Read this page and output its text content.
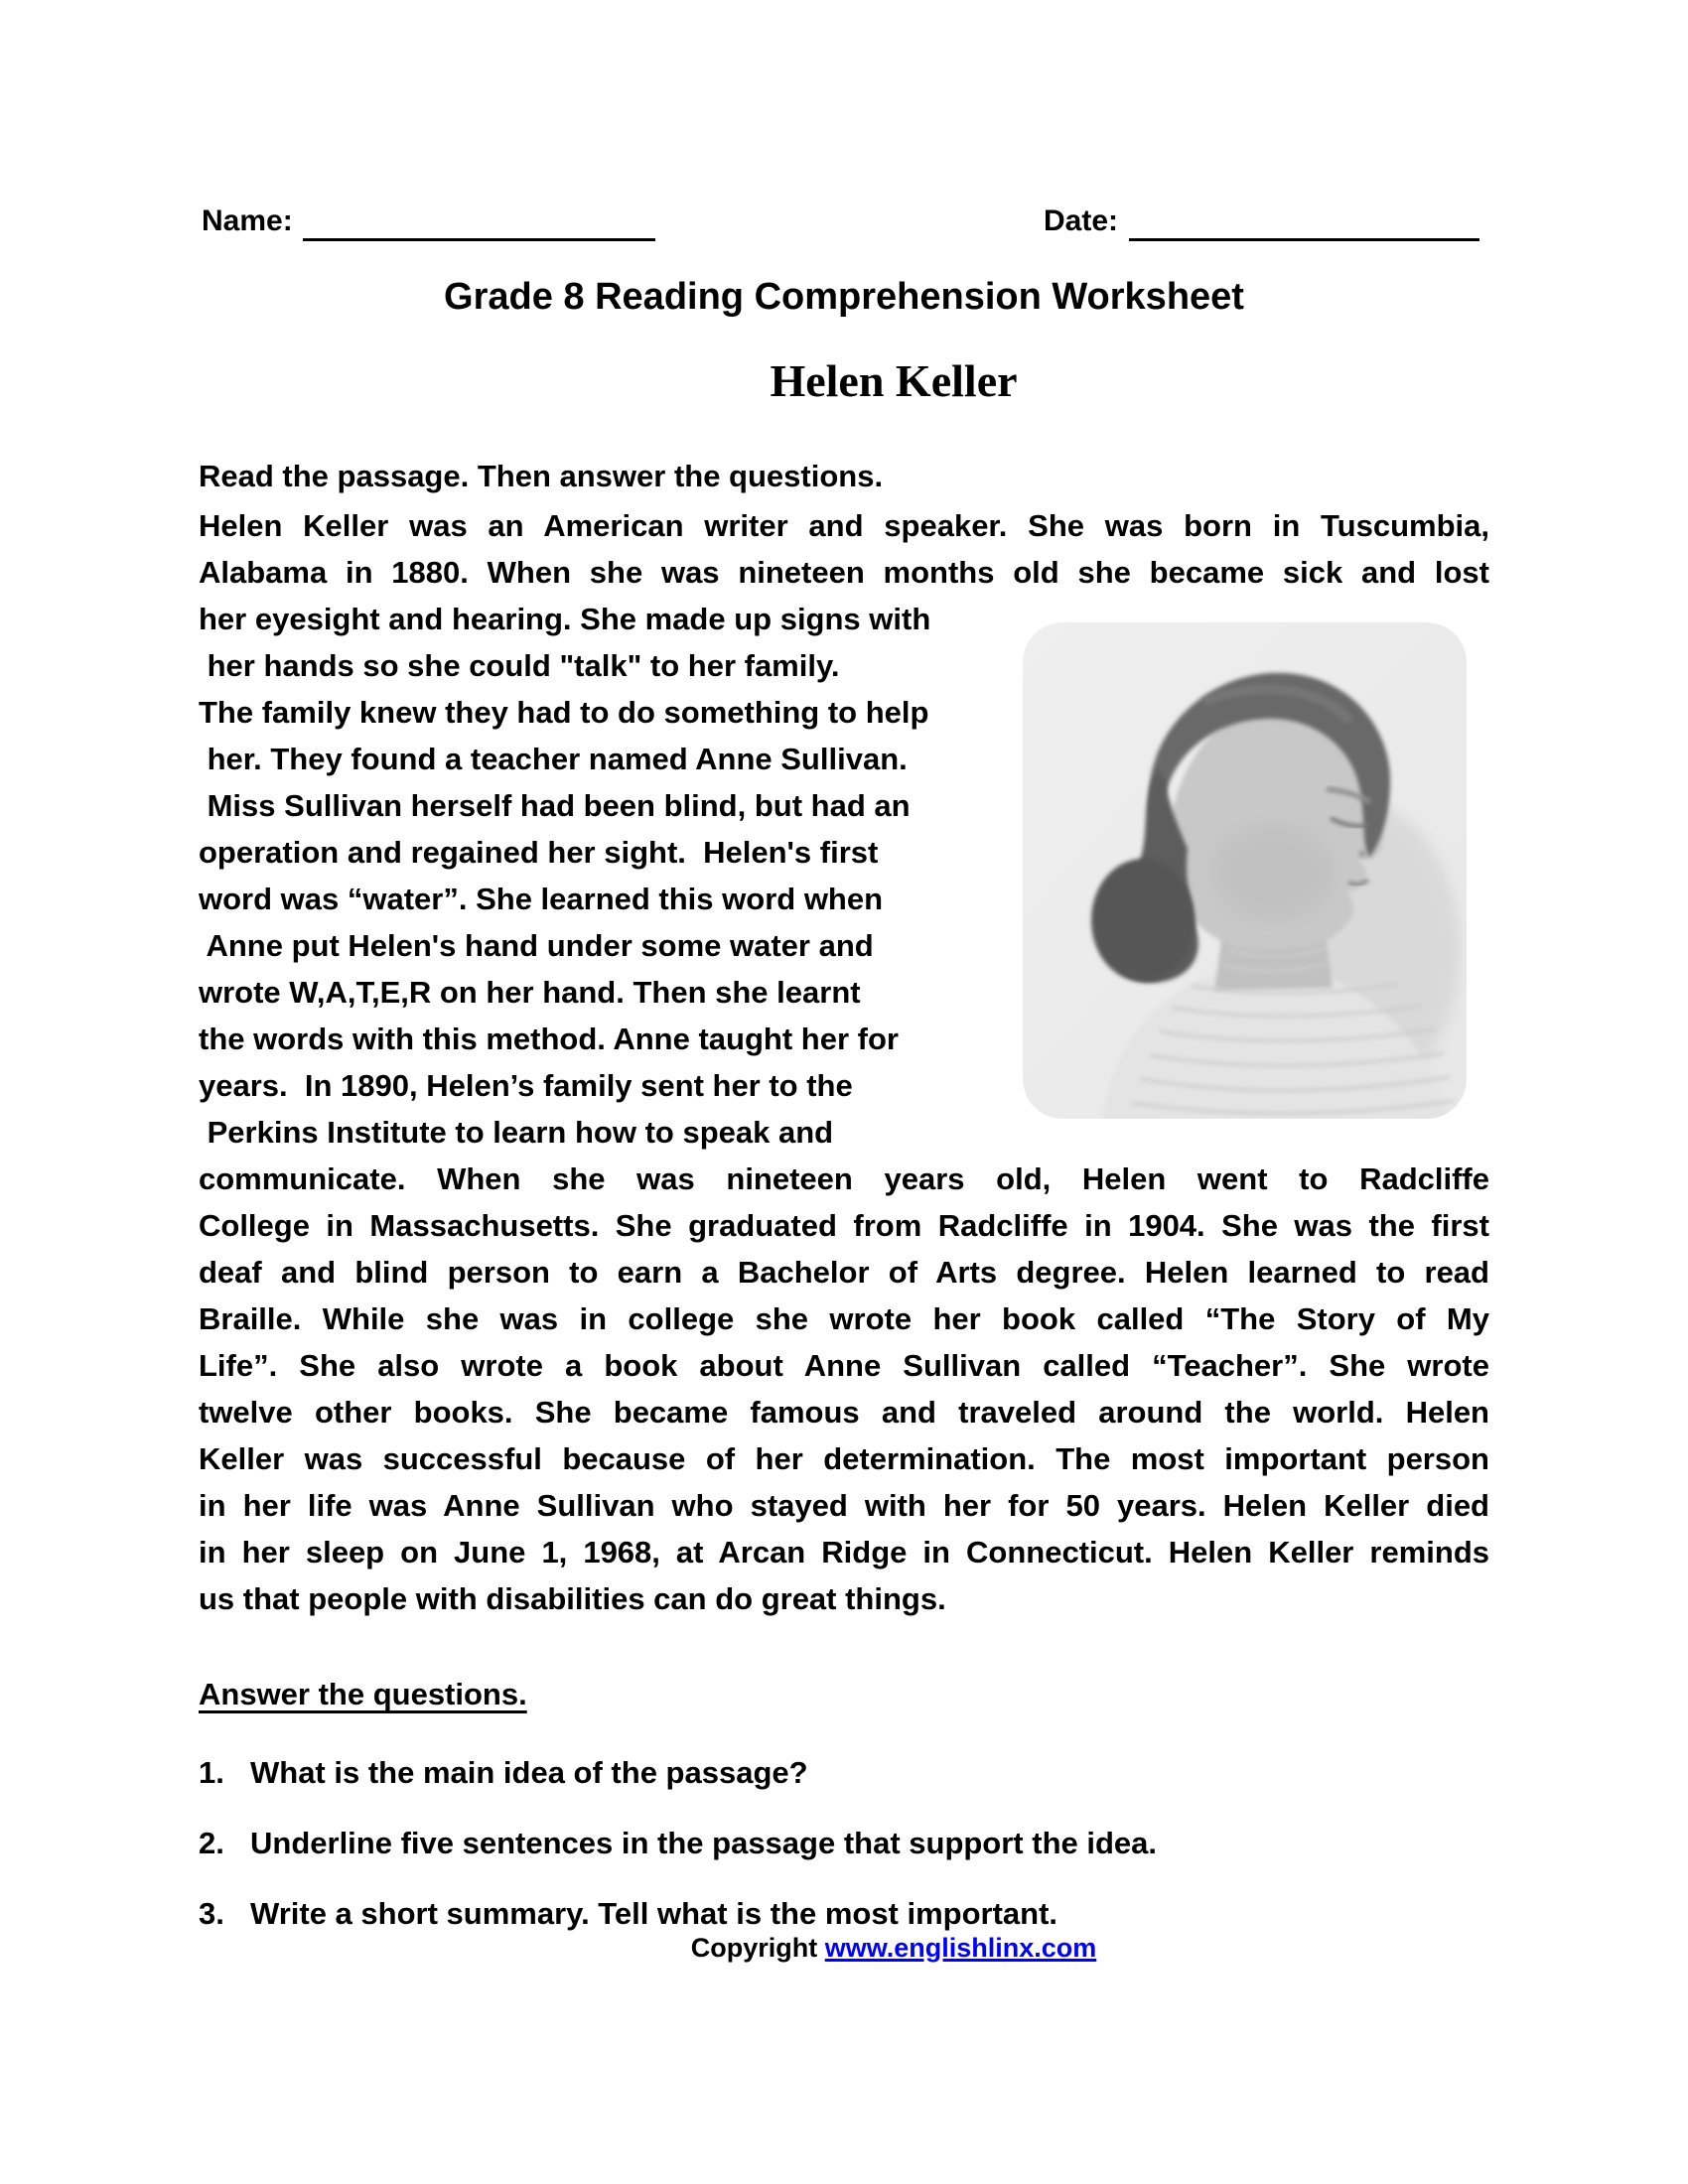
Name:	Date:
Grade 8 Reading Comprehension Worksheet
Helen Keller
Read the passage. Then answer the questions.
Helen Keller was an American writer and speaker. She was born in Tuscumbia,
Alabama in 1880. When she was nineteen months old she became sick and lost
her eyesight and hearing. She made up signs with
her hands so she could "talk" to her family.
The family knew they had to do something to help
her. They found a teacher named Anne Sullivan.
Miss Sullivan herself had been blind, but had an
operation and regained her sight.  Helen's first
word was “water”. She learned this word when
Anne put Helen's hand under some water and
wrote W,A,T,E,R on her hand. Then she learnt
the words with this method. Anne taught her for
years.  In 1890, Helen’s family sent her to the
Perkins Institute to learn how to speak and
communicate. When she was nineteen years old, Helen went to Radcliffe
College in Massachusetts. She graduated from Radcliffe in 1904. She was the first
deaf and blind person to earn a Bachelor of Arts degree. Helen learned to read
Braille. While she was in college she wrote her book called “The Story of My
Life”. She also wrote a book about Anne Sullivan called “Teacher”. She wrote
twelve other books. She became famous and traveled around the world. Helen
Keller was successful because of her determination. The most important person
in her life was Anne Sullivan who stayed with her for 50 years. Helen Keller died
in her sleep on June 1, 1968, at Arcan Ridge in Connecticut. Helen Keller reminds
us that people with disabilities can do great things.
Answer the questions.
1. What is the main idea of the passage?
2. Underline five sentences in the passage that support the idea.
3. Write a short summary. Tell what is the most important.
Copyright www.englishlinx.com
